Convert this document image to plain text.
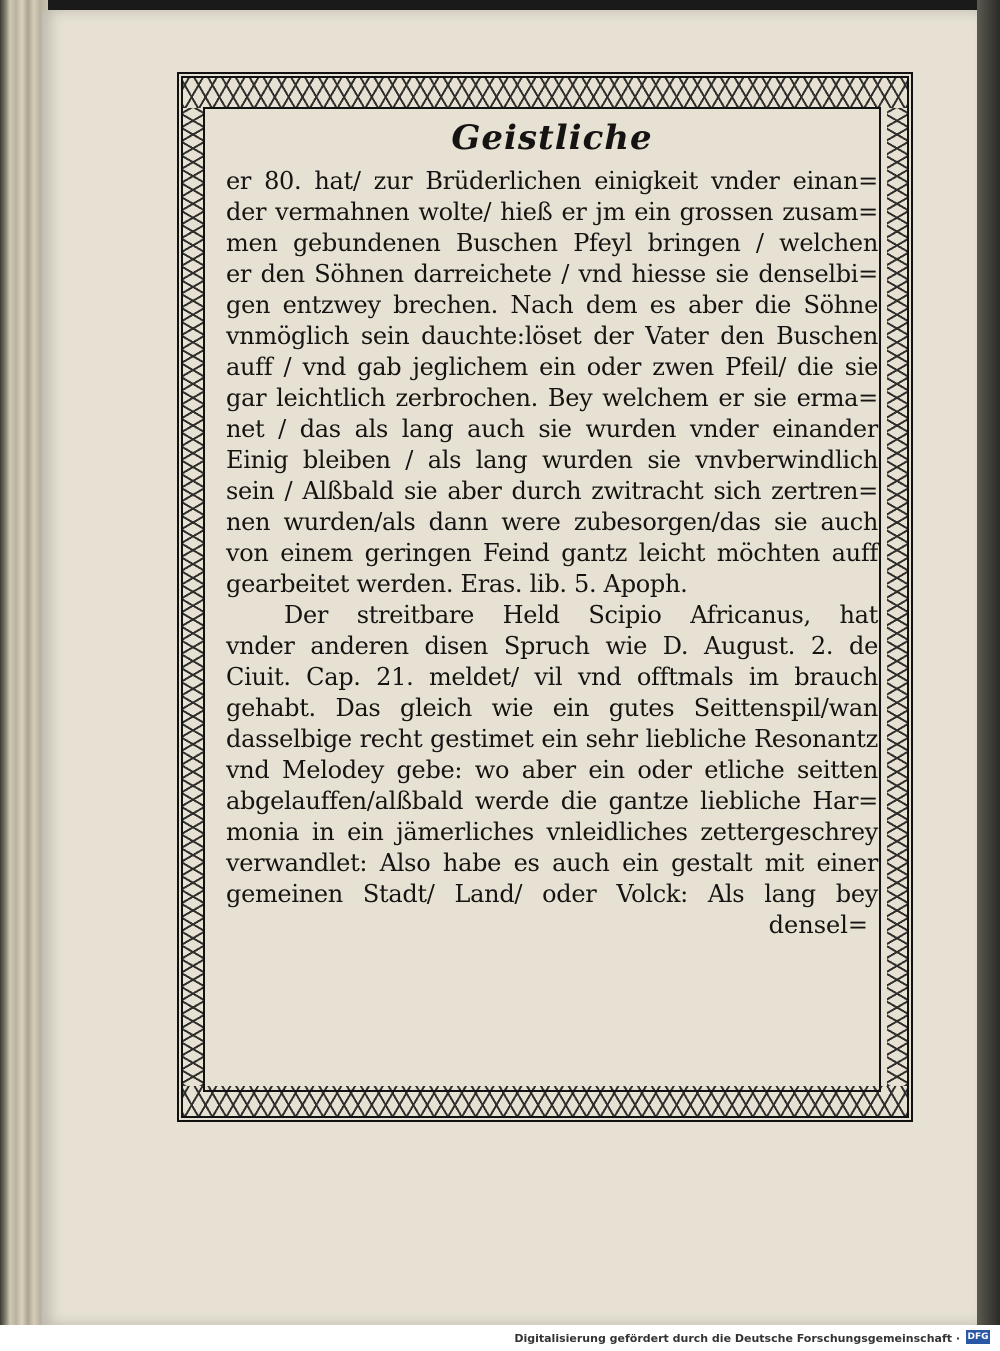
Geistliche
er 80. hat/ zur Brüderlichen einigkeit vnder einan=
der vermahnen wolte/ hieß er jm ein grossen zusam=
men gebundenen Buschen Pfeyl bringen / welchen
er den Söhnen darreichete / vnd hiesse sie denselbi=
gen entzwey brechen. Nach dem es aber die Söhne
vnmöglich sein dauchte:löset der Vater den Buschen
auff / vnd gab jeglichem ein oder zwen Pfeil/ die sie
gar leichtlich zerbrochen. Bey welchem er sie erma=
net / das als lang auch sie wurden vnder einander
Einig bleiben / als lang wurden sie vnvberwindlich
sein / Alßbald sie aber durch zwitracht sich zertren=
nen wurden/als dann were zubesorgen/das sie auch
von einem geringen Feind gantz leicht möchten auff
gearbeitet werden. Eras. lib. 5. Apoph.
Der streitbare Held Scipio Africanus, hat
vnder anderen disen Spruch wie D. August. 2. de
Ciuit. Cap. 21. meldet/ vil vnd offtmals im brauch
gehabt. Das gleich wie ein gutes Seittenspil/wan
dasselbige recht gestimet ein sehr liebliche Resonantz
vnd Melodey gebe: wo aber ein oder etliche seitten
abgelauffen/alßbald werde die gantze liebliche Har=
monia in ein jämerliches vnleidliches zettergeschrey
verwandlet: Also habe es auch ein gestalt mit einer
gemeinen Stadt/ Land/ oder Volck: Als lang bey
densel=
Digitalisierung gefördert durch die Deutsche Forschungsgemeinschaft · DFG
